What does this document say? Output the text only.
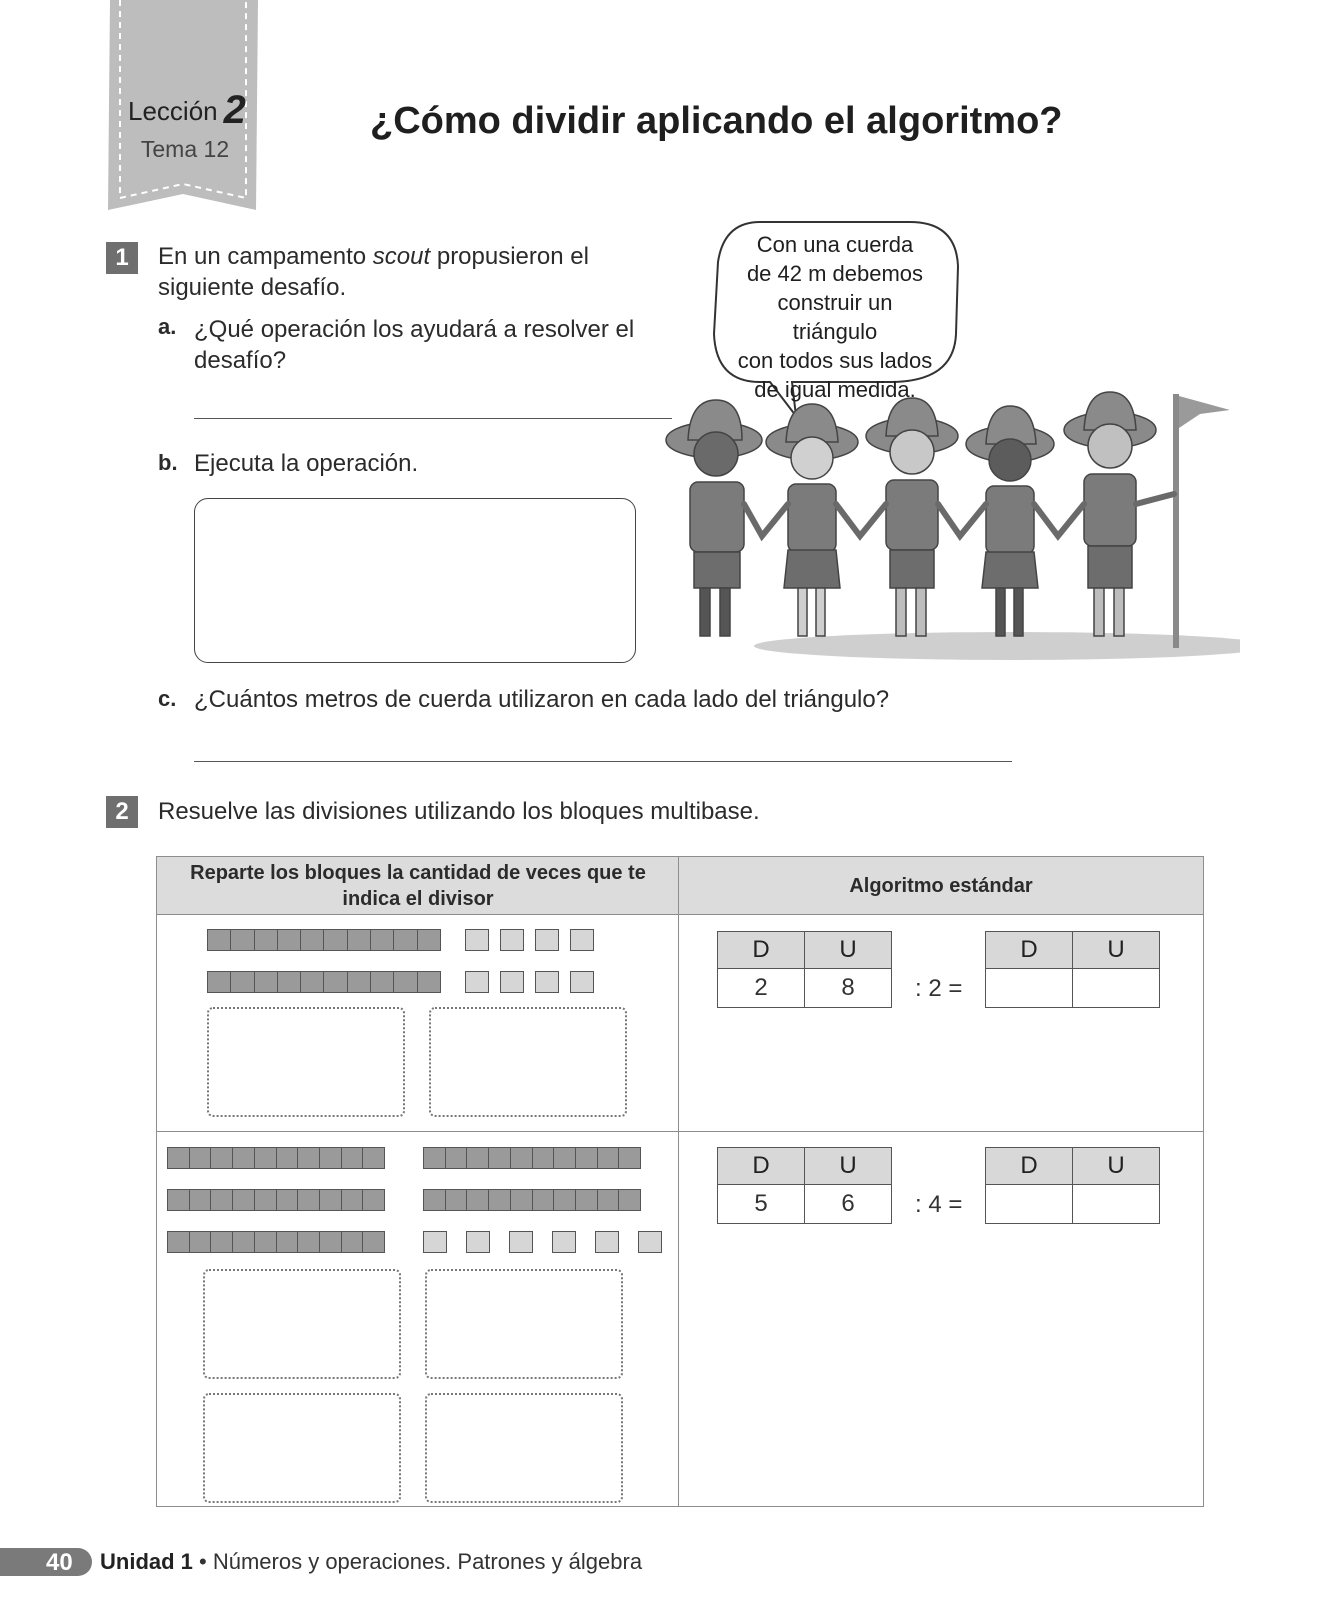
Lección 2
Tema 12
¿Cómo dividir aplicando el algoritmo?
1	En un campamento scout propusieron el
siguiente desafío.
a. ¿Qué operación los ayudará a resolver el
desafío?
b. Ejecuta la operación.
c. ¿Cuántos metros de cuerda utilizaron en cada lado del triángulo?
Con una cuerda
de 42 m debemos
construir un triángulo
con todos sus lados
de igual medida.
2	Resuelve las divisiones utilizando los bloques multibase.
Reparte los bloques la cantidad de veces que te
indica el divisor
Algoritmo estándar
D	U
2	8	: 2 =
D	U

D	U
5	6	: 4 =
D	U

40 Unidad 1 • Números y operaciones. Patrones y álgebra
